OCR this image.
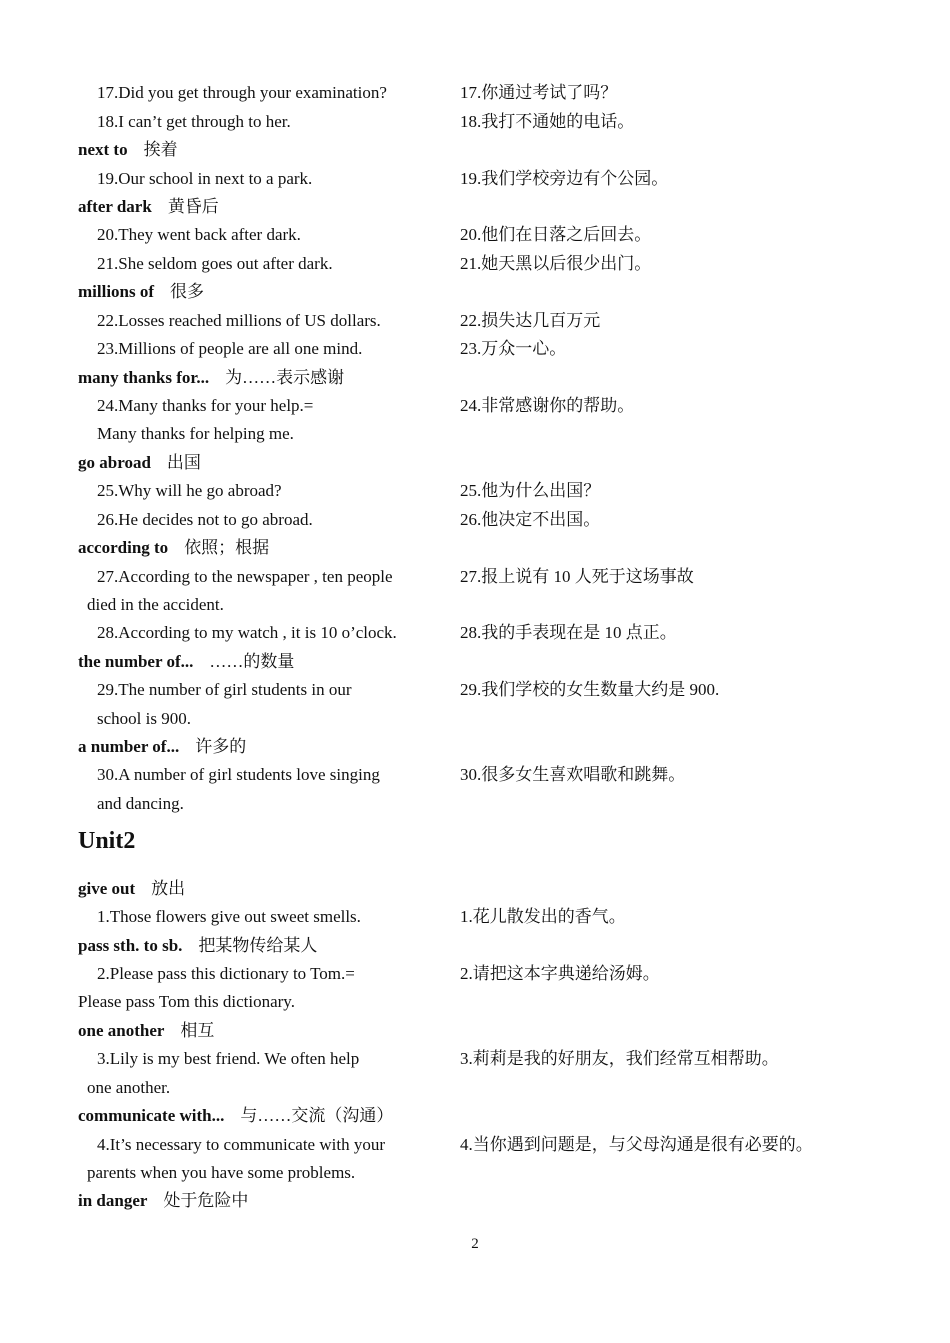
17.Did you get through your examination?	17.你通过考试了吗？
18.I can’t get through to her.	18.我打不通她的电话。
next to 挨着
19.Our school in next to a park.	19.我们学校旁边有个公园。
after dark 黄昏后
20.They went back after dark.	20.他们在日落之后回去。
21.She seldom goes out after dark.	21.她天黑以后很少出门。
millions of 很多
22.Losses reached millions of US dollars.	22.损失达几百万元
23.Millions of people are all one mind.	23.万众一心。
many thanks for... 为……表示感谢
24.Many thanks for your help.=	24.非常感谢你的帮助。
Many thanks for helping me.
go abroad 出国
25.Why will he go abroad?	25.他为什么出国？
26.He decides not to go abroad.	26.他决定不出国。
according to 依照；根据
27.According to the newspaper , ten people	27.报上说有 10 人死于这场事故
died in the accident.
28.According to my watch , it is 10 o’clock.	28.我的手表现在是 10 点正。
the number of... ……的数量
29.The number of girl students in our	29.我们学校的女生数量大约是 900.
school is 900.
a number of... 许多的
30.A number of girl students love singing	30.很多女生喜欢唱歌和跳舞。
and dancing.
Unit2
give out 放出
1.Those flowers give out sweet smells.	1.花儿散发出的香气。
pass sth. to sb. 把某物传给某人
2.Please pass this dictionary to Tom.=	2.请把这本字典递给汤姆。
Please pass Tom this dictionary.
one another 相互
3.Lily is my best friend. We often help	3.莉莉是我的好朋友，我们经常互相帮助。
one another.
communicate with... 与……交流（沟通）
4.It’s necessary to communicate with your	4.当你遇到问题是，与父母沟通是很有必要的。
parents when you have some problems.
in danger 处于危险中
2
